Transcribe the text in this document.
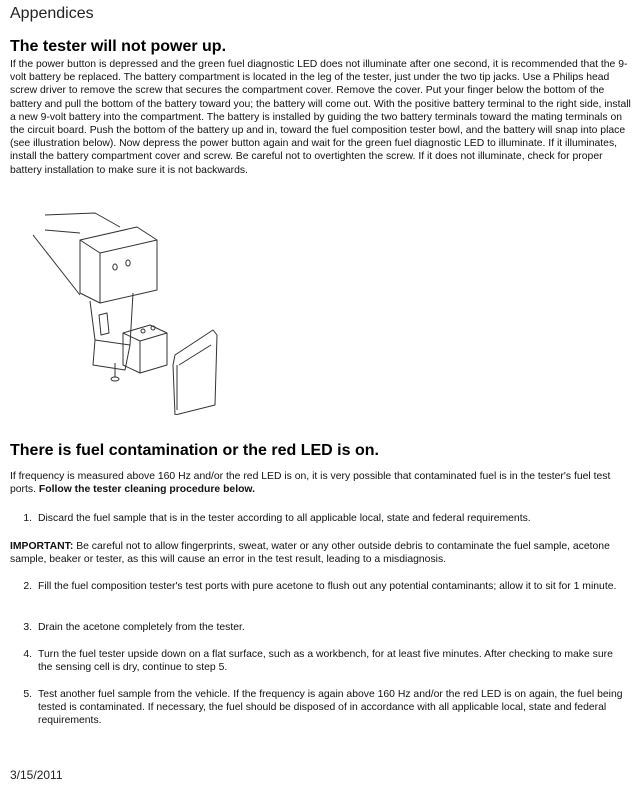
Appendices
The tester will not power up.
If the power button is depressed and the green fuel diagnostic LED does not illuminate after one second, it is recommended that the 9-volt battery be replaced. The battery compartment is located in the leg of the tester, just under the two tip jacks. Use a Philips head screw driver to remove the screw that secures the compartment cover. Remove the cover. Put your finger below the bottom of the battery and pull the bottom of the battery toward you; the battery will come out. With the positive battery terminal to the right side, install a new 9-volt battery into the compartment. The battery is installed by guiding the two battery terminals toward the mating terminals on the circuit board. Push the bottom of the battery up and in, toward the fuel composition tester bowl, and the battery will snap into place (see illustration below). Now depress the power button again and wait for the green fuel diagnostic LED to illuminate. If it illuminates, install the battery compartment cover and screw. Be careful not to overtighten the screw. If it does not illuminate, check for proper battery installation to make sure it is not backwards.
There is fuel contamination or the red LED is on.
If frequency is measured above 160 Hz and/or the red LED is on, it is very possible that contaminated fuel is in the tester's fuel test ports. Follow the tester cleaning procedure below.
1. Discard the fuel sample that is in the tester according to all applicable local, state and federal requirements.
IMPORTANT: Be careful not to allow fingerprints, sweat, water or any other outside debris to contaminate the fuel sample, acetone sample, beaker or tester, as this will cause an error in the test result, leading to a misdiagnosis.
2. Fill the fuel composition tester's test ports with pure acetone to flush out any potential contaminants; allow it to sit for 1 minute.
3. Drain the acetone completely from the tester.
4. Turn the fuel tester upside down on a flat surface, such as a workbench, for at least five minutes. After checking to make sure the sensing cell is dry, continue to step 5.
5. Test another fuel sample from the vehicle. If the frequency is again above 160 Hz and/or the red LED is on again, the fuel being tested is contaminated. If necessary, the fuel should be disposed of in accordance with all applicable local, state and federal requirements.
3/15/2011
